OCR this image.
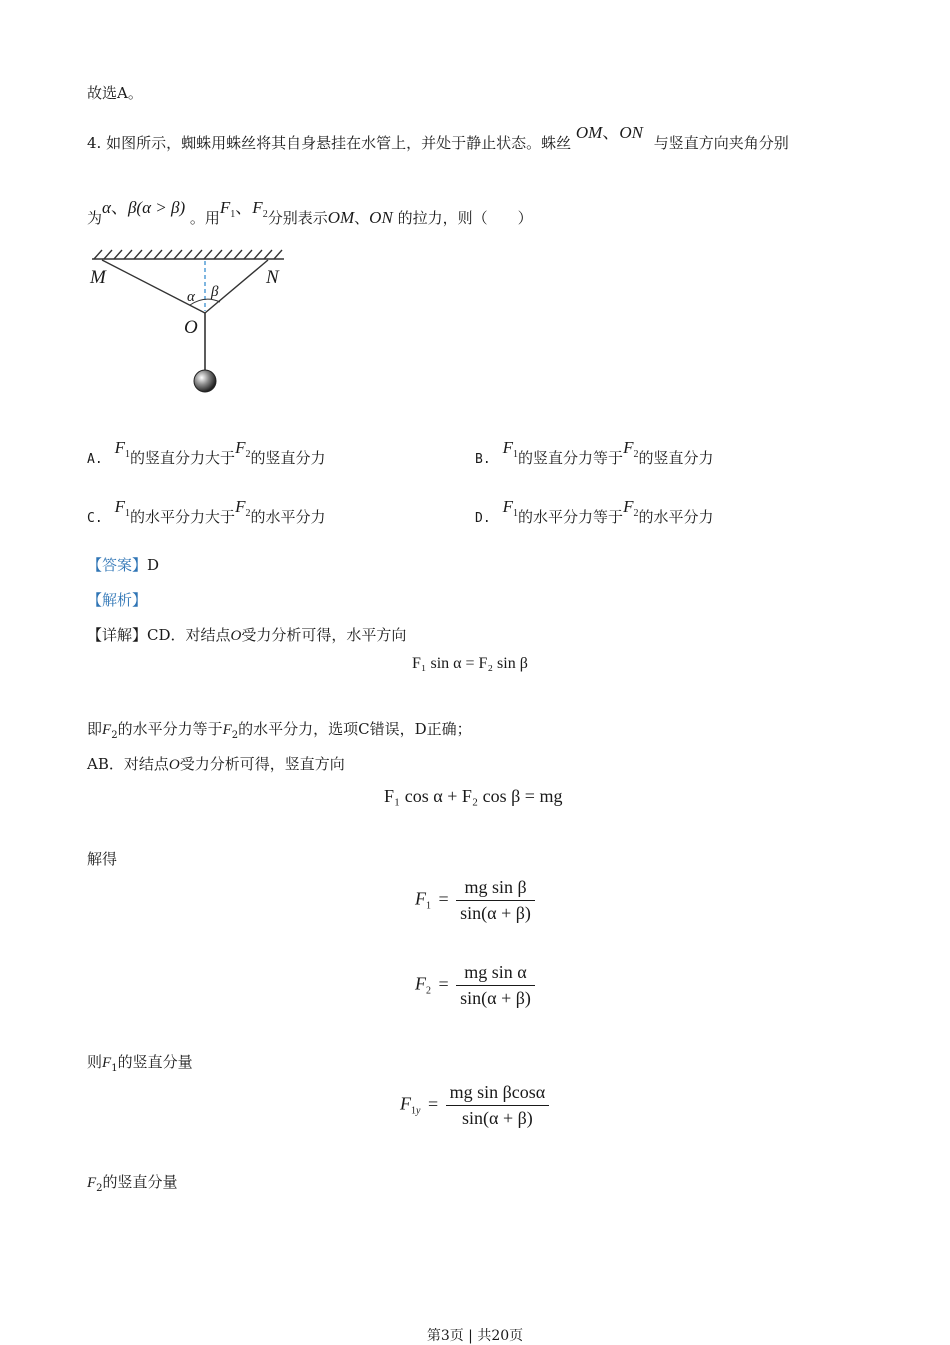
故选A。
4. 如图所示，蜘蛛用蛛丝将其自身悬挂在水管上，并处于静止状态。蛛丝 OM、ON 与竖直方向夹角分别
为α、β(α > β) 。用$F_1$、$F_2$分别表示OM、ON 的拉力，则（　　）
M	N
O
α β
$A.F_1$的竖直分力大于$F_2$的竖直分力	$B.F_1$的竖直分力等于$F_2$的竖直分力
$C.F_1$的水平分力大于$F_2$的水平分力	$D.F_1$的水平分力等于$F_2$的水平分力
【答案】D
【解析】
【详解】CD．对结点O受力分析可得，水平方向
F₁ sin α = F₂ sin β
即$F_2$的水平分力等于$F_2$的水平分力，选项C错误，D正确；
AB．对结点O受力分析可得，竖直方向
F₁ cos α + F₂ cos β = mg
解得
$F_1 = \frac{\text{mg sin β}}{\sin(\alpha + \beta)}$
$F_2 = \frac{\text{mg sin α}}{\sin(\alpha + \beta)}$
则$F_1$的竖直分量
$F_{1y} = \frac{\text{mg sin βcosα}}{\sin(\alpha + \beta)}$
$F_2$的竖直分量
第3页 | 共20页
